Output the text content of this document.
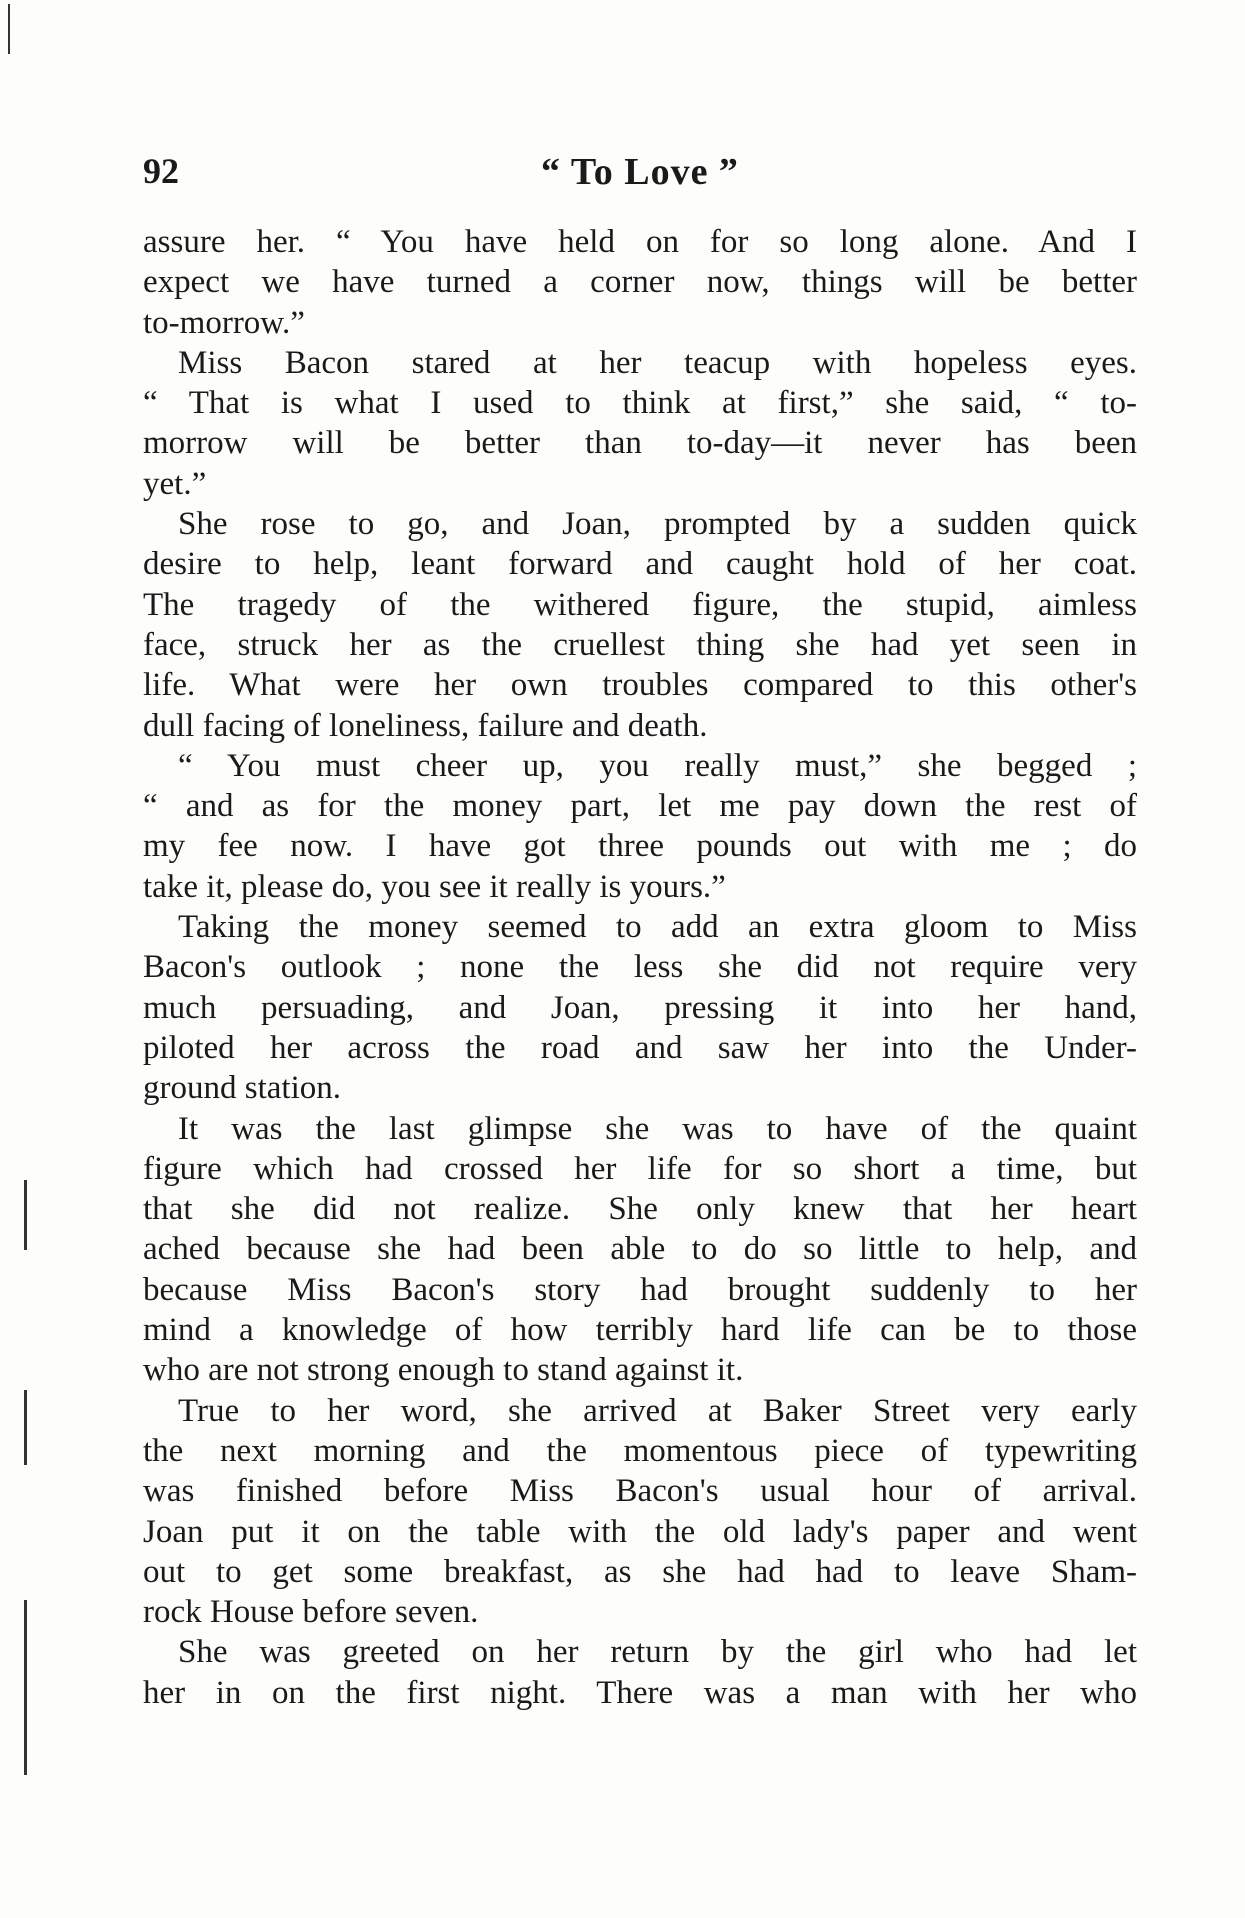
92	“ To Love ”
assure her. “ You have held on for so long alone. And I
expect we have turned a corner now, things will be better
to-morrow.”
Miss Bacon stared at her teacup with hopeless eyes.
“ That is what I used to think at first,” she said, “ to-
morrow will be better than to-day—it never has been
yet.”
She rose to go, and Joan, prompted by a sudden quick
desire to help, leant forward and caught hold of her coat.
The tragedy of the withered figure, the stupid, aimless
face, struck her as the cruellest thing she had yet seen in
life. What were her own troubles compared to this other's
dull facing of loneliness, failure and death.
“ You must cheer up, you really must,” she begged ;
“ and as for the money part, let me pay down the rest of
my fee now. I have got three pounds out with me ; do
take it, please do, you see it really is yours.”
Taking the money seemed to add an extra gloom to Miss
Bacon's outlook ; none the less she did not require very
much persuading, and Joan, pressing it into her hand,
piloted her across the road and saw her into the Under-
ground station.
It was the last glimpse she was to have of the quaint
figure which had crossed her life for so short a time, but
that she did not realize. She only knew that her heart
ached because she had been able to do so little to help, and
because Miss Bacon's story had brought suddenly to her
mind a knowledge of how terribly hard life can be to those
who are not strong enough to stand against it.
True to her word, she arrived at Baker Street very early
the next morning and the momentous piece of typewriting
was finished before Miss Bacon's usual hour of arrival.
Joan put it on the table with the old lady's paper and went
out to get some breakfast, as she had had to leave Sham-
rock House before seven.
She was greeted on her return by the girl who had let
her in on the first night. There was a man with her who
